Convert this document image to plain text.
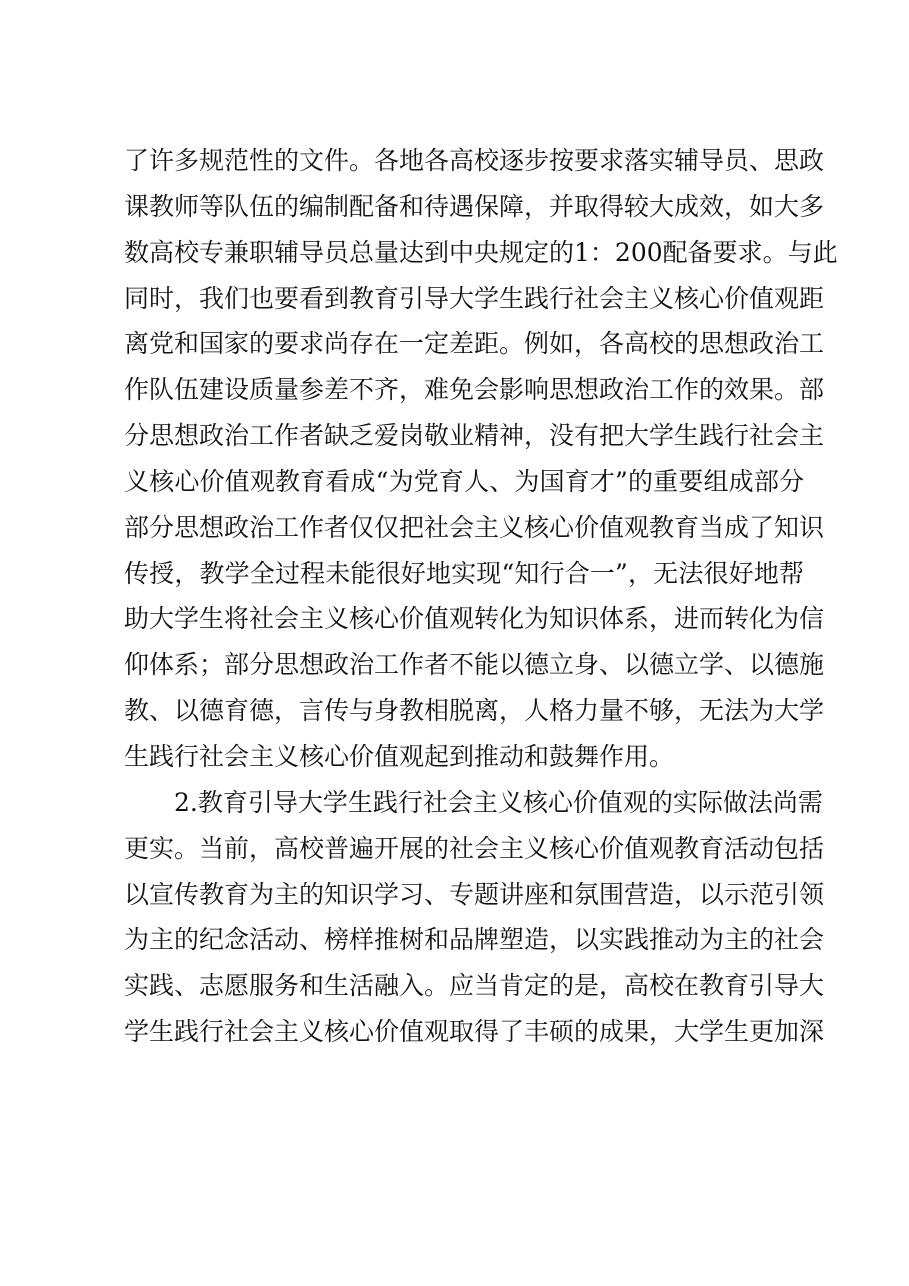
了许多规范性的文件。各地各高校逐步按要求落实辅导员、思政
课教师等队伍的编制配备和待遇保障，并取得较大成效，如大多
数高校专兼职辅导员总量达到中央规定的1：200配备要求。与此
同时，我们也要看到教育引导大学生践行社会主义核心价值观距
离党和国家的要求尚存在一定差距。例如，各高校的思想政治工
作队伍建设质量参差不齐，难免会影响思想政治工作的效果。部
分思想政治工作者缺乏爱岗敬业精神，没有把大学生践行社会主
义核心价值观教育看成“为党育人、为国育才”的重要组成部分
部分思想政治工作者仅仅把社会主义核心价值观教育当成了知识
传授，教学全过程未能很好地实现“知行合一”，无法很好地帮
助大学生将社会主义核心价值观转化为知识体系，进而转化为信
仰体系；部分思想政治工作者不能以德立身、以德立学、以德施
教、以德育德，言传与身教相脱离，人格力量不够，无法为大学
生践行社会主义核心价值观起到推动和鼓舞作用。
2.教育引导大学生践行社会主义核心价值观的实际做法尚需
更实。当前，高校普遍开展的社会主义核心价值观教育活动包括
以宣传教育为主的知识学习、专题讲座和氛围营造，以示范引领
为主的纪念活动、榜样推树和品牌塑造，以实践推动为主的社会
实践、志愿服务和生活融入。应当肯定的是，高校在教育引导大
学生践行社会主义核心价值观取得了丰硕的成果，大学生更加深
